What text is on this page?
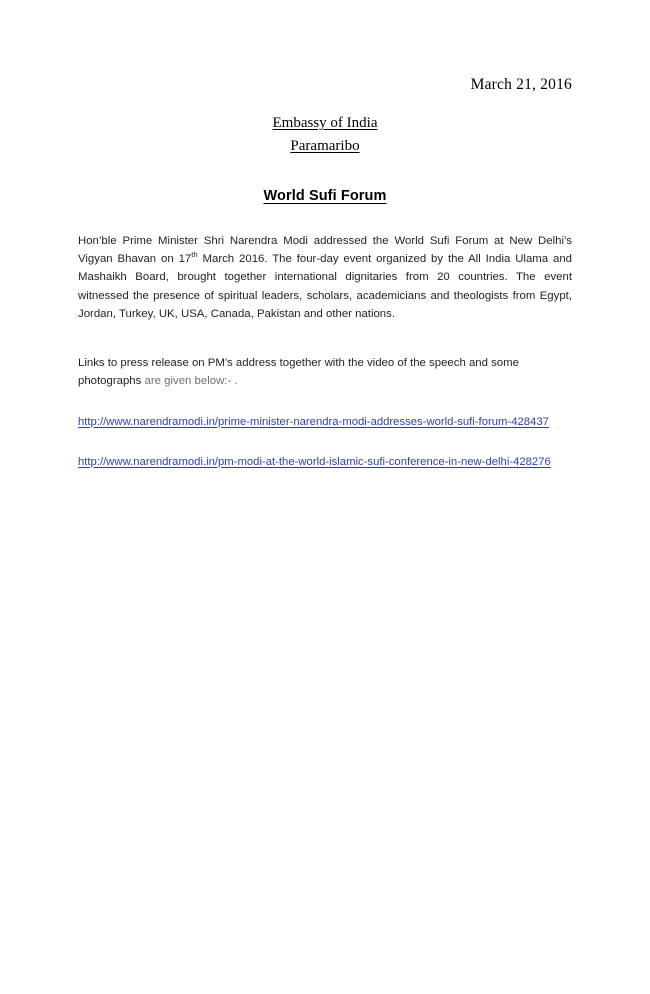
March 21, 2016
Embassy of India
Paramaribo
World Sufi Forum
Hon’ble Prime Minister Shri Narendra Modi addressed the World Sufi Forum at New Delhi’s Vigyan Bhavan on 17th March 2016. The four-day event organized by the All India Ulama and Mashaikh Board, brought together international dignitaries from 20 countries. The event witnessed the presence of spiritual leaders, scholars, academicians and theologists from Egypt, Jordan, Turkey, UK, USA, Canada, Pakistan and other nations.
Links to press release on PM's address together with the video of the speech and some photographs are given below:- .
http://www.narendramodi.in/prime-minister-narendra-modi-addresses-world-sufi-forum-428437
http://www.narendramodi.in/pm-modi-at-the-world-islamic-sufi-conference-in-new-delhi-428276
